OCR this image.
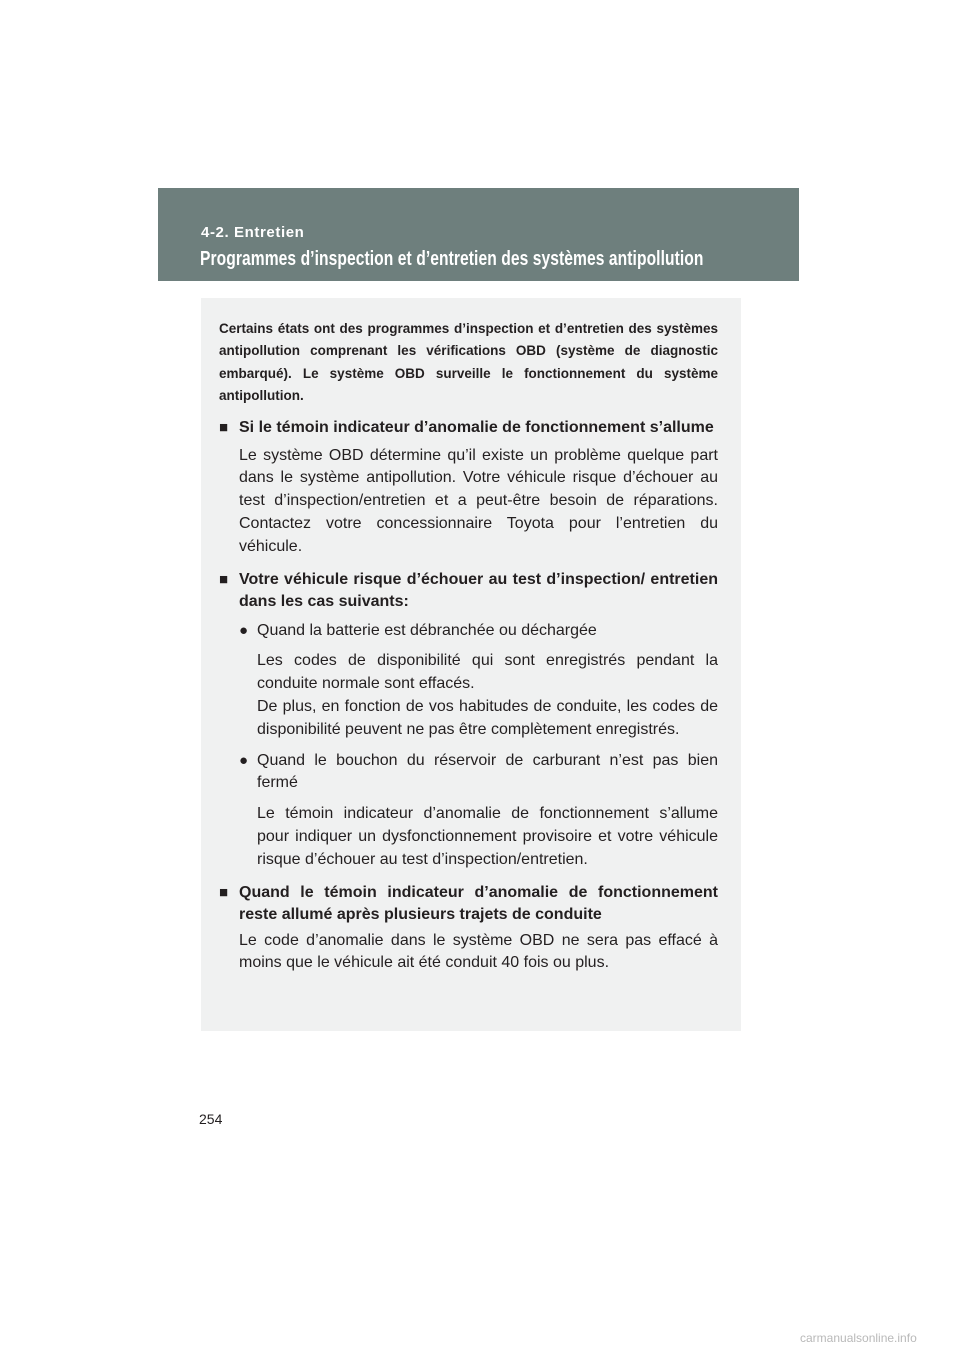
4-2. Entretien
Programmes d’inspection et d’entretien des systèmes antipollution

Certains états ont des programmes d’inspection et d’entretien des systèmes antipollution comprenant les vérifications OBD (système de diagnostic embarqué). Le système OBD surveille le fonctionnement du système antipollution.

■ Si le témoin indicateur d’anomalie de fonctionnement s’allume
Le système OBD détermine qu’il existe un problème quelque part dans le système antipollution. Votre véhicule risque d’échouer au test d’inspection/entretien et a peut-être besoin de réparations. Contactez votre concessionnaire Toyota pour l’entretien du véhicule.
■ Votre véhicule risque d’échouer au test d’inspection/ entretien dans les cas suivants:
● Quand la batterie est débranchée ou déchargée
Les codes de disponibilité qui sont enregistrés pendant la conduite normale sont effacés.
De plus, en fonction de vos habitudes de conduite, les codes de disponibilité peuvent ne pas être complètement enregistrés.
● Quand le bouchon du réservoir de carburant n’est pas bien fermé
Le témoin indicateur d’anomalie de fonctionnement s’allume pour indiquer un dysfonctionnement provisoire et votre véhicule risque d’échouer au test d’inspection/entretien.
■ Quand le témoin indicateur d’anomalie de fonctionnement reste allumé après plusieurs trajets de conduite
Le code d’anomalie dans le système OBD ne sera pas effacé à moins que le véhicule ait été conduit 40 fois ou plus.
254
carmanualsonline.info
